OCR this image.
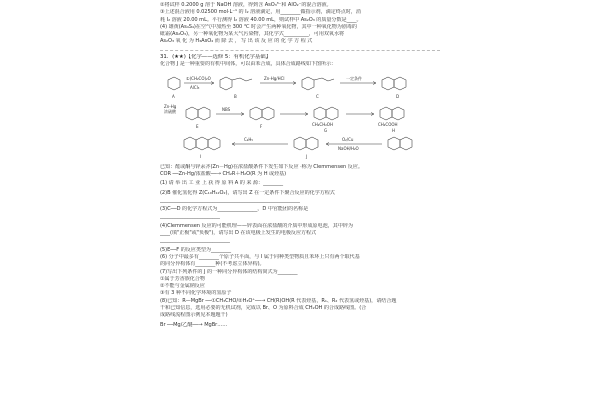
②将试样 0.2000 g 溶于 NaOH 溶液，得到含 AsO₃³⁻和 AlO₂⁻的混合溶液。
③上述混合液用 0.02500 mol·L⁻¹ 的 I₂ 溶液滴定，用________做指示剂，滴定终点时，消
耗 I₂ 溶液 20.00 mL。平行测得 I₂ 溶液 40.00 mL，则试样中 As₂O₃ 的质量分数是____。
(4) 雄黄(As₄S₄)在空气中加热至 300 ℃ 时会产生两种氧化物，其中一种氧化物为剧毒的
砒霜(As₂O₃)，另一种氧化物为某大气污染物，其化学式__________，可用双氧水将
As₂O₃ 氧 化 为 H₃AsO₄ 而 除 去 ， 写 出 该 反 应 的 化 学 方 程 式
31．(★★)【化学——选修 5：有机化学基础】
化合物 J 是一种重要的有机中间体，可以由苯合成，具体合成路线如下图所示：
A
①(CH₂CO)₂O
AlCl₃
B
Zn-Hg/HCl
C
一定条件
D
Zn-Hg
浓硫酸
E
NBS
F	CH₂CH₂OH
G
CH₂COOH
H
I
C₂H₅
J
O₂/Cu
NaOH/H₂O
已知：醛或酮与锌汞齐(Zn－Hg)在浓盐酸条件下发生如下反应 ·称为 Clemmensen 反应。
COR ──Zn-Hg/浓盐酸──→ CH₂R＋H₂O(R 为 H 或烃基)
(1) 请 举 出 工 业 上 获 得 原 料 A 的 来 源：________
(2)B 催化氢化得 Z(C₁₀H₁₂O₂)，请写出 Z 在一定条件下聚合反应的化学方程式
________________________________________________________
(3)C──D 的化学方程式为________________，D 中官能团的名称是
________________________
(4)Clemmensen 反应的可能机理——锌表面在浓盐酸的介质中形成原电池，其中锌为
____(填"正极"或"负极")，请写出 D 在该电极上发生的电极反应方程式
____________________________
(5)E──F 的反应类型为________
(6) 分子中最多有________个原子共平面，与 I 属于同种类型物质且苯环上只有两个取代基
的同分异构体有________种(不考虑立体异构)。
(7)写出下列条件的 J 的一种同分异构体的结构简式为________
①属于芳香族化合物
②不能与金属钠反应
③有 3 种不同化学环境的氢原子
(8)已知：R—MgBr ──①CH₃CHO/②H₃O⁺──→ CH(R)OH(R 代表烃基，R₁、R₂ 代表氢或烃基)，请结合题
干和已知信息，选用必要的无机试剂，完成以 Br、O 为原料合成 CH₂OH 的合成路线图。(合
成路线流程图示例见本题题干)
Br ──Mg/乙醚──→ MgBr……
